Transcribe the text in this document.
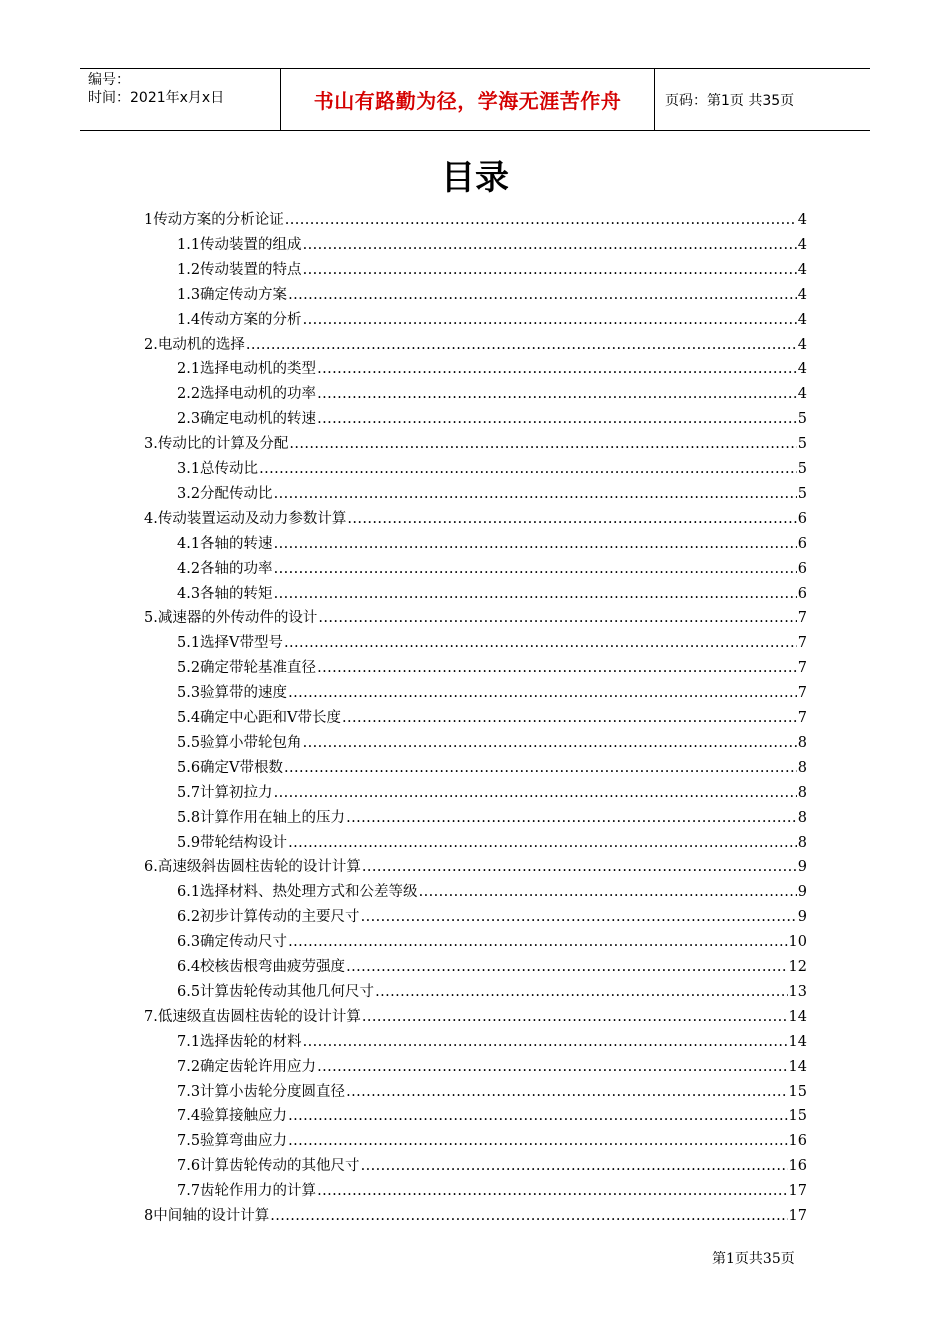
编号：
时间：2021年x月x日	书山有路勤为径，学海无涯苦作舟	页码：第1页 共35页
目录
1传动方案的分析论证 .....	4
1.1传动装置的组成 .....	4
1.2传动装置的特点 .....	4
1.3确定传动方案 .....	4
1.4传动方案的分析 .....	4
2.电动机的选择 .....	4
2.1选择电动机的类型 .....	4
2.2选择电动机的功率 .....	4
2.3确定电动机的转速 .....	5
3.传动比的计算及分配 .....	5
3.1总传动比 .....	5
3.2分配传动比 .....	5
4.传动装置运动及动力参数计算 .....	6
4.1各轴的转速 .....	6
4.2各轴的功率 .....	6
4.3各轴的转矩 .....	6
5.减速器的外传动件的设计 .....	7
5.1选择V带型号 .....	7
5.2确定带轮基准直径 .....	7
5.3验算带的速度 .....	7
5.4确定中心距和V带长度 .....	7
5.5验算小带轮包角 .....	8
5.6确定V带根数 .....	8
5.7计算初拉力 .....	8
5.8计算作用在轴上的压力 .....	8
5.9带轮结构设计 .....	8
6.高速级斜齿圆柱齿轮的设计计算 .....	9
6.1选择材料、热处理方式和公差等级 .....	9
6.2初步计算传动的主要尺寸 .....	9
6.3确定传动尺寸 .....	10
6.4校核齿根弯曲疲劳强度 .....	12
6.5计算齿轮传动其他几何尺寸 .....	13
7.低速级直齿圆柱齿轮的设计计算 .....	14
7.1选择齿轮的材料 .....	14
7.2确定齿轮许用应力 .....	14
7.3计算小齿轮分度圆直径 .....	15
7.4验算接触应力 .....	15
7.5验算弯曲应力 .....	16
7.6计算齿轮传动的其他尺寸 .....	16
7.7齿轮作用力的计算 .....	17
8中间轴的设计计算 .....	17
第1页共35页
